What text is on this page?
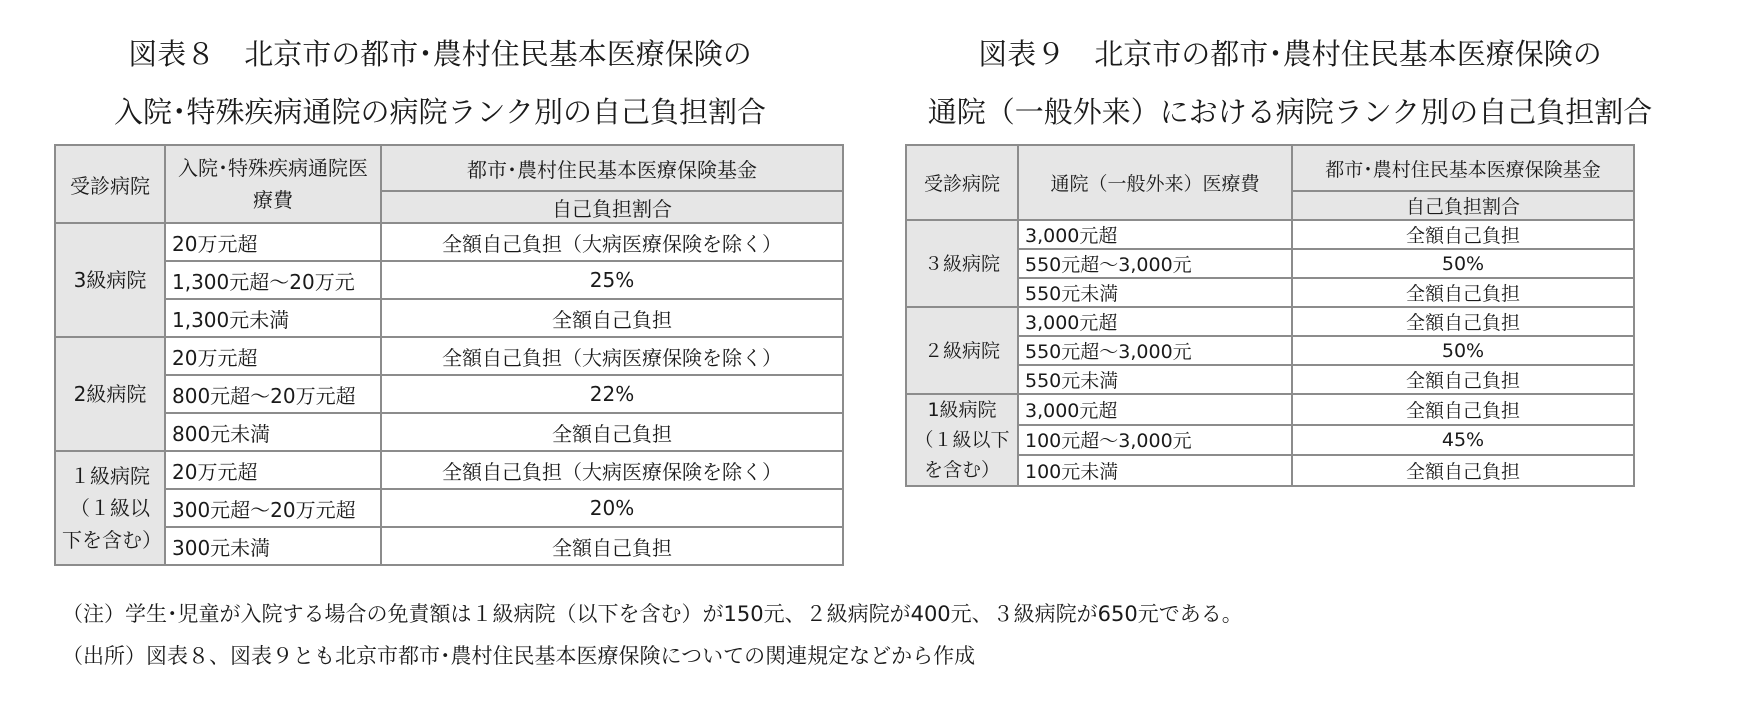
図表８　北京市の都市･農村住民基本医療保険の
入院･特殊疾病通院の病院ランク別の自己負担割合
図表９　北京市の都市･農村住民基本医療保険の
通院（一般外来）における病院ランク別の自己負担割合
受診病院	入院･特殊疾病通院医療費	都市･農村住民基本医療保険基金
		自己負担割合
3級病院	20万元超	全額自己負担（大病医療保険を除く）
	1,300元超～20万元	25%
	1,300元未満	全額自己負担
2級病院	20万元超	全額自己負担（大病医療保険を除く）
	800元超～20万元超	22%
	800元未満	全額自己負担
１級病院（１級以下を含む）	20万元超	全額自己負担（大病医療保険を除く）
	300元超～20万元超	20%
	300元未満	全額自己負担
受診病院	通院（一般外来）医療費	都市･農村住民基本医療保険基金
		自己負担割合
３級病院	3,000元超	全額自己負担
	550元超～3,000元	50%
	550元未満	全額自己負担
２級病院	3,000元超	全額自己負担
	550元超～3,000元	50%
	550元未満	全額自己負担
1級病院（１級以下を含む）	3,000元超	全額自己負担
	100元超～3,000元	45%
	100元未満	全額自己負担
（注）学生･児童が入院する場合の免責額は１級病院（以下を含む）が150元、２級病院が400元、３級病院が650元である。
（出所）図表８、図表９とも北京市都市･農村住民基本医療保険についての関連規定などから作成
